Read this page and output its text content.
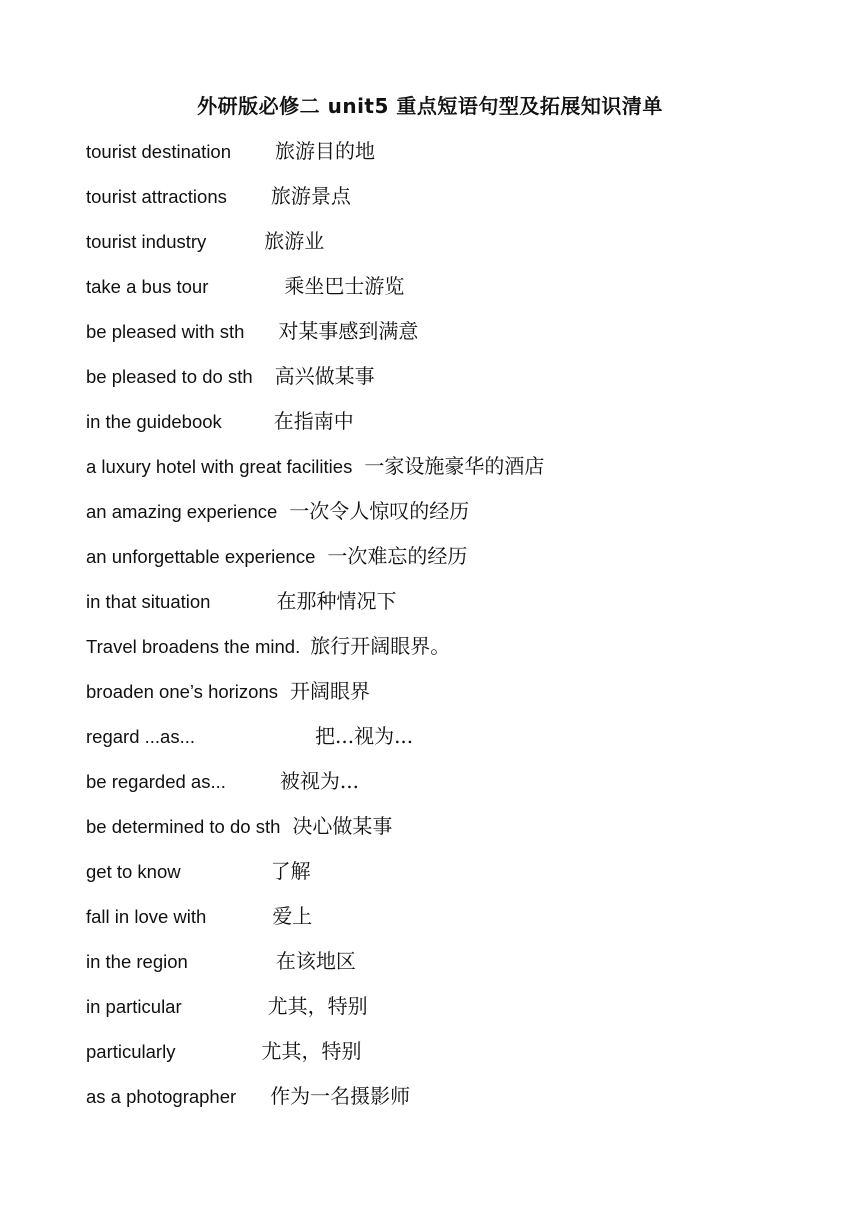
外研版必修二 unit5 重点短语句型及拓展知识清单
tourist destination 旅游目的地
tourist attractions 旅游景点
tourist industry	旅游业
take a bus tour	乘坐巴士游览
be pleased with sth 对某事感到满意
be pleased to do sth 高兴做某事
in the guidebook	在指南中
a luxury hotel with great facilities 一家设施豪华的酒店
an amazing experience 一次令人惊叹的经历
an unforgettable experience 一次难忘的经历
in that situation	在那种情况下
Travel broadens the mind. 旅行开阔眼界。
broaden one’s horizons 开阔眼界
regard ...as...	把...视为...
be regarded as...	被视为...
be determined to do sth 决心做某事
get to know	了解
fall in love with	爱上
in the region	在该地区
in particular	尤其，特别
particularly	尤其，特别
as a photographer 作为一名摄影师
